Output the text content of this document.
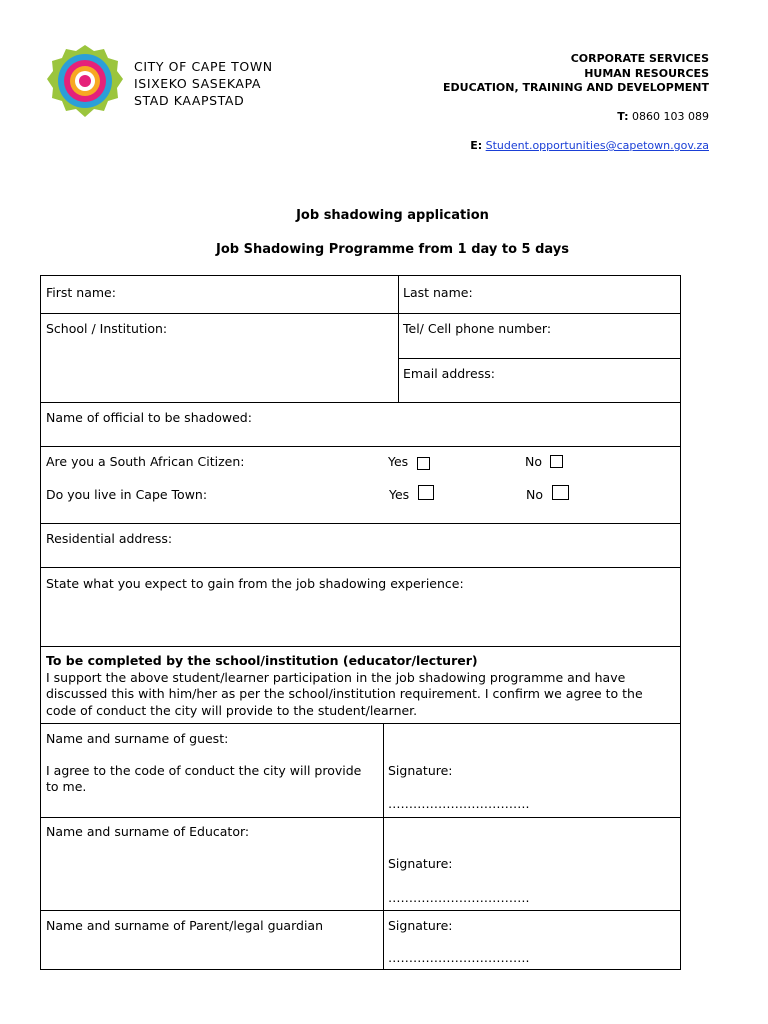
CITY OF CAPE TOWN
ISIXEKO SASEKAPA
STAD KAAPSTAD
CORPORATE SERVICES
HUMAN RESOURCES
EDUCATION, TRAINING AND DEVELOPMENT
T: 0860 103 089
E: Student.opportunities@capetown.gov.za
Job shadowing application
Job Shadowing Programme from 1 day to 5 days
First name:	Last name:
School / Institution:	Tel/ Cell phone number:
Email address:
Name of official to be shadowed:
Are you a South African Citizen:	Yes	No
Do you live in Cape Town:	Yes	No
Residential address:
State what you expect to gain from the job shadowing experience:
To be completed by the school/institution (educator/lecturer)
I support the above student/learner participation in the job shadowing programme and have discussed this with him/her as per the school/institution requirement. I confirm we agree to the code of conduct the city will provide to the student/learner.
Name and surname of guest:
I agree to the code of conduct the city will provide to me.
Signature:
…………………………….
Name and surname of Educator:
Signature:
…………………………….
Name and surname of Parent/legal guardian	Signature:
…………………………….
